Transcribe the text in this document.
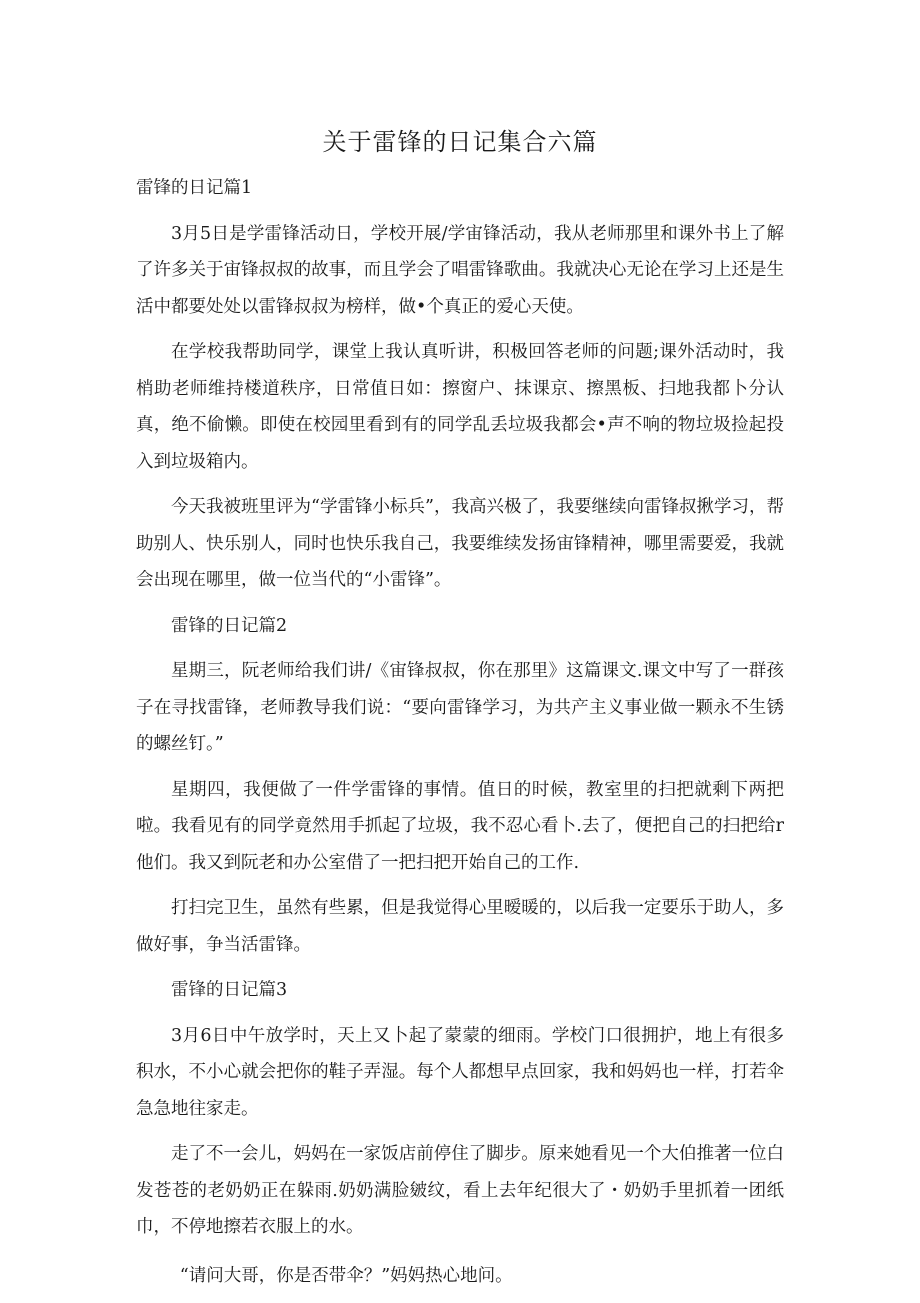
关于雷锋的日记集合六篇

雷锋的日记篇1

3月5日是学雷锋活动日，学校开展/学宙锋活动，我从老师那里和课外书上了解了许多关于宙锋叔叔的故事，而且学会了唱雷锋歌曲。我就决心无论在学习上还是生活中都要处处以雷锋叔叔为榜样，做•个真正的爱心天使。

在学校我帮助同学，课堂上我认真听讲，积极回答老师的问题;课外活动时，我梢助老师维持楼道秩序，日常值日如：擦窗户、抹课京、擦黑板、扫地我都卜分认真，绝不偷懒。即使在校园里看到有的同学乱丢垃圾我都会•声不响的物垃圾捡起投入到垃圾箱内。

今天我被班里评为“学雷锋小标兵”，我高兴极了，我要继续向雷锋叔揪学习，帮助别人、快乐别人，同时也快乐我自己，我要维续发扬宙锋精神，哪里需要爱，我就会出现在哪里，做一位当代的“小雷锋”。

雷锋的日记篇2

星期三，阮老师给我们讲/《宙锋叔叔，你在那里》这篇课文.课文中写了一群孩子在寻找雷锋，老师教导我们说：“要向雷锋学习，为共产主义事业做一颗永不生锈的螺丝钉。”

星期四，我便做了一件学雷锋的事情。值日的时候，教室里的扫把就剩下两把啦。我看见有的同学竟然用手抓起了垃圾，我不忍心看卜.去了，便把自己的扫把给r他们。我又到阮老和办公室借了一把扫把开始自己的工作.

打扫完卫生，虽然有些累，但是我觉得心里暧暖的，以后我一定要乐于助人，多做好事，争当活雷锋。

雷锋的日记篇3

3月6日中午放学时，天上又卜起了蒙蒙的细雨。学校门口很拥护，地上有很多积水，不小心就会把你的鞋子弄湿。每个人都想早点回家，我和妈妈也一样，打若伞急急地往家走。

走了不一会儿，妈妈在一家饭店前停住了脚步。原来她看见一个大伯推著一位白发苍苍的老奶奶正在躲雨.奶奶满脸皴纹，看上去年纪很大了・奶奶手里抓着一团纸巾，不停地擦若衣服上的水。

“请问大哥，你是否带伞？”妈妈热心地问。
